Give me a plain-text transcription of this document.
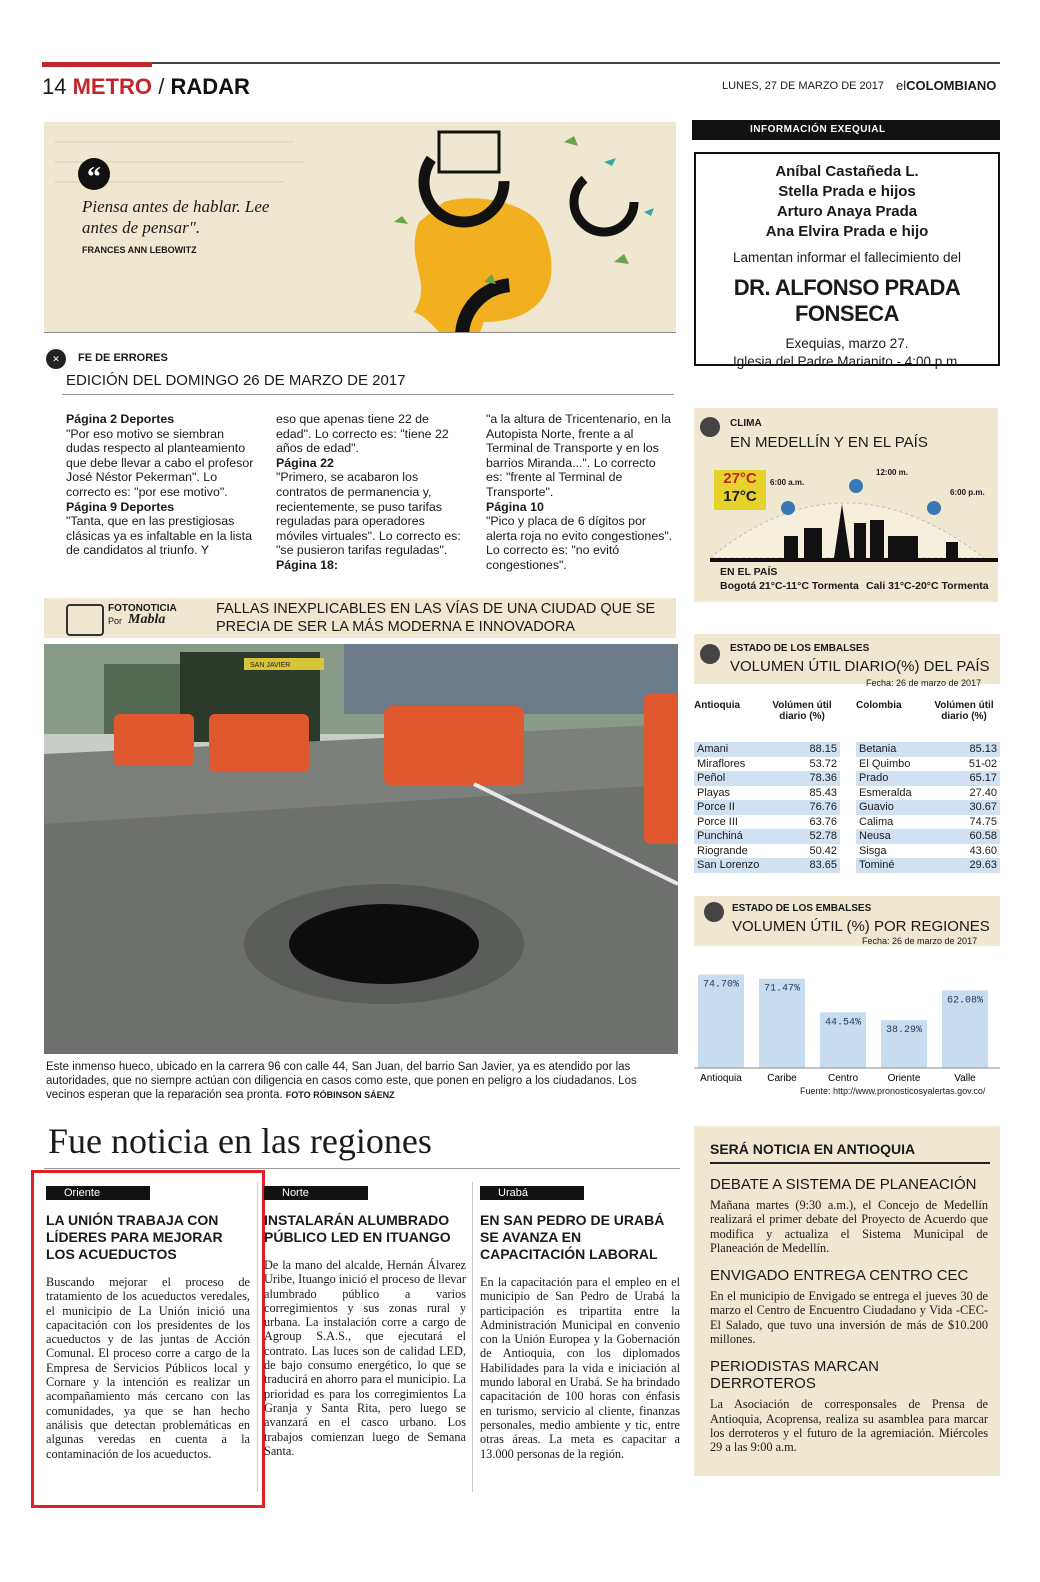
14 METRO / RADAR	LUNES, 27 DE MARZO DE 2017 elCOLOMBIANO
“
Piensa antes de hablar. Lee antes de pensar".
FRANCES ANN LEBOWITZ
✕	FE DE ERRORES
EDICIÓN DEL DOMINGO 26 DE MARZO DE 2017
Página 2 Deportes
"Por eso motivo se siembran dudas respecto al planteamiento que debe llevar a cabo el profesor José Néstor Pekerman". Lo correcto es: "por ese motivo".
Página 9 Deportes
"Tanta, que en las prestigiosas clásicas ya es infaltable en la lista de candidatos al triunfo. Y
eso que apenas tiene 22 de edad". Lo correcto es: "tiene 22 años de edad".
Página 22
"Primero, se acabaron los contratos de permanencia y, recientemente, se puso tarifas reguladas para operadores móviles virtuales". Lo correcto es: "se pusieron tarifas reguladas".
Página 18:
"a la altura de Tricentenario, en la Autopista Norte, frente a al Terminal de Transporte y en los barrios Miranda...". Lo correcto es: "frente al Terminal de Transporte".
Página 10
"Pico y placa de 6 dígitos por alerta roja no evito congestiones". Lo correcto es: "no evitó congestiones".
INFORMACIÓN EXEQUIAL
Aníbal Castañeda L.
Stella Prada e hijos
Arturo Anaya Prada
Ana Elvira Prada e hijo
Lamentan informar el fallecimiento del
DR. ALFONSO PRADA FONSECA
Exequias, marzo 27.
Iglesia del Padre Marianito - 4:00 p.m.
CLIMA
EN MEDELLÍN Y EN EL PAÍS
27°C
17°C
6:00 a.m.
12:00 m.
6:00 p.m.
EN EL PAÍS
Bogotá 21°C-11°C Tormenta Cali 31°C-20°C Tormenta
FOTONOTICIA
Por Mabla
FALLAS INEXPLICABLES EN LAS VÍAS DE UNA CIUDAD QUE SE PRECIA DE SER LA MÁS MODERNA E INNOVADORA
SAN JAVIER
Este inmenso hueco, ubicado en la carrera 96 con calle 44, San Juan, del barrio San Javier, ya es atendido por las autoridades, que no siempre actúan con diligencia en casos como este, que ponen en peligro a los ciudadanos. Los vecinos esperan que la reparación sea pronta. FOTO RÓBINSON SÁENZ
ESTADO DE LOS EMBALSES
VOLUMEN ÚTIL DIARIO(%) DEL PAÍS
Fecha: 26 de marzo de 2017
Antioquia	Volúmen útil diario (%)
Colombia	Volúmen útil diario (%)
Amani	88.15
Miraflores	53.72
Peñol	78.36
Playas	85.43
Porce II	76.76
Porce III	63.76
Punchiná	52.78
Riogrande	50.42
San Lorenzo	83.65
Betania	85.13
El Quimbo	51-02
Prado	65.17
Esmeralda	27.40
Guavio	30.67
Calima	74.75
Neusa	60.58
Sisga	43.60
Tominé	29.63
ESTADO DE LOS EMBALSES
VOLUMEN ÚTIL (%) POR REGIONES
Fecha: 26 de marzo de 2017
74.70%
Antioquia
71.47%
Caribe
44.54%
Centro
38.29%
Oriente
62.08%
Valle
Fuente: http://www.pronosticosyalertas.gov.co/
Fue noticia en las regiones
Oriente
LA UNIÓN TRABAJA CON LÍDERES PARA MEJORAR LOS ACUEDUCTOS
Buscando mejorar el proceso de tratamiento de los acueductos veredales, el municipio de La Unión inició una capacitación con los presidentes de los acueductos y de las juntas de Acción Comunal. El proceso corre a cargo de la Empresa de Servicios Públicos local y Cornare y la intención es realizar un acompañamiento más cercano con las comunidades, ya que se han hecho análisis que detectan problemáticas en algunas veredas en cuenta a la contaminación de los acueductos.
Norte
INSTALARÁN ALUMBRADO PÚBLICO LED EN ITUANGO
De la mano del alcalde, Hernán Álvarez Uribe, Ituango inició el proceso de llevar alumbrado público a varios corregimientos y sus zonas rural y urbana. La instalación corre a cargo de Agroup S.A.S., que ejecutará el contrato. Las luces son de calidad LED, de bajo consumo energético, lo que se traducirá en ahorro para el municipio. La prioridad es para los corregimientos La Granja y Santa Rita, pero luego se avanzará en el casco urbano. Los trabajos comienzan luego de Semana Santa.
Urabá
EN SAN PEDRO DE URABÁ SE AVANZA EN CAPACITACIÓN LABORAL
En la capacitación para el empleo en el municipio de San Pedro de Urabá la participación es tripartita entre la Administración Municipal en convenio con la Unión Europea y la Gobernación de Antioquia, con los diplomados Habilidades para la vida e iniciación al mundo laboral en Urabá. Se ha brindado capacitación de 100 horas con énfasis en turismo, servicio al cliente, finanzas personales, medio ambiente y tic, entre otras áreas. La meta es capacitar a 13.000 personas de la región.
SERÁ NOTICIA EN ANTIOQUIA
DEBATE A SISTEMA DE PLANEACIÓN
Mañana martes (9:30 a.m.), el Concejo de Medellín realizará el primer debate del Proyecto de Acuerdo que modifica y actualiza el Sistema Municipal de Planeación de Medellín.
ENVIGADO ENTREGA CENTRO CEC
En el municipio de Envigado se entrega el jueves 30 de marzo el Centro de Encuentro Ciudadano y Vida -CEC- El Salado, que tuvo una inversión de más de $10.200 millones.
PERIODISTAS MARCAN DERROTEROS
La Asociación de corresponsales de Prensa de Antioquia, Acoprensa, realiza su asamblea para marcar los derroteros y el futuro de la agremiación. Miércoles 29 a las 9:00 a.m.
